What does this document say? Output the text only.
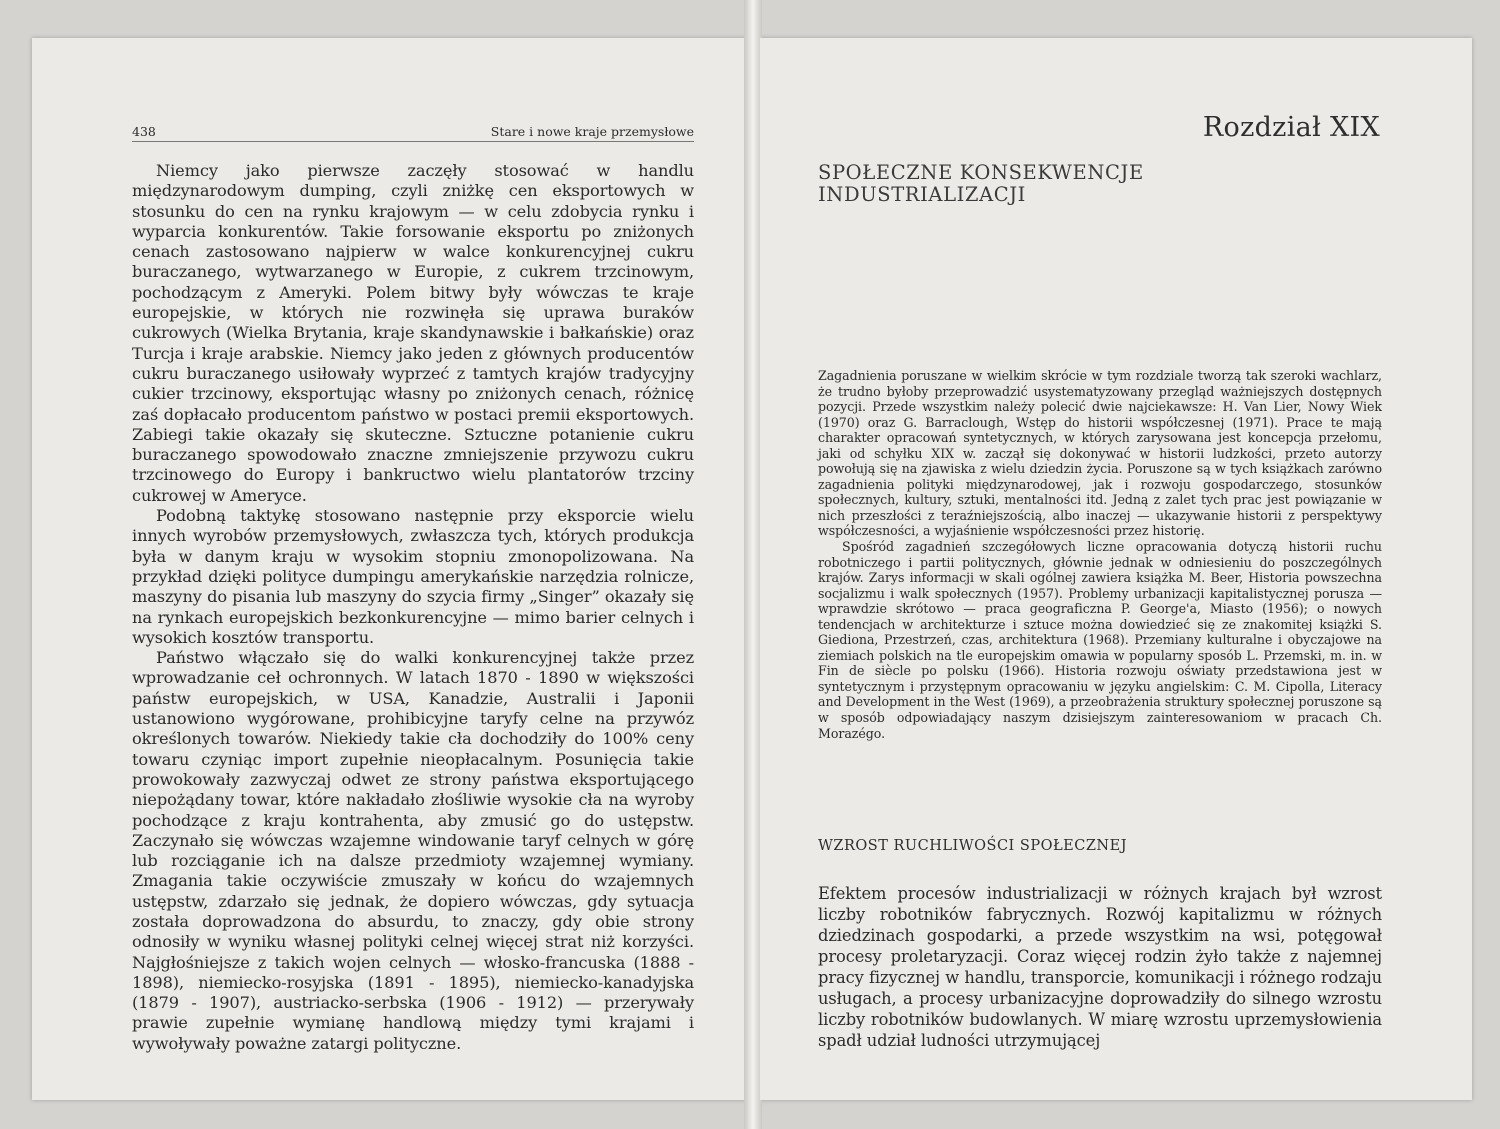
438	Stare i nowe kraje przemysłowe

Niemcy jako pierwsze zaczęły stosować w handlu międzynarodowym dumping, czyli zniżkę cen eksportowych w stosunku do cen na rynku krajowym — w celu zdobycia rynku i wyparcia konkurentów. Takie forsowanie eksportu po zniżonych cenach zastosowano najpierw w walce konkurencyjnej cukru buraczanego, wytwarzanego w Europie, z cukrem trzcinowym, pochodzącym z Ameryki. Polem bitwy były wówczas te kraje europejskie, w których nie rozwinęła się uprawa buraków cukrowych (Wielka Brytania, kraje skandynawskie i bałkańskie) oraz Turcja i kraje arabskie. Niemcy jako jeden z głównych producentów cukru buraczanego usiłowały wyprzeć z tamtych krajów tradycyjny cukier trzcinowy, eksportując własny po zniżonych cenach, różnicę zaś dopłacało producentom państwo w postaci premii eksportowych. Zabiegi takie okazały się skuteczne. Sztuczne potanienie cukru buraczanego spowodowało znaczne zmniejszenie przywozu cukru trzcinowego do Europy i bankructwo wielu plantatorów trzciny cukrowej w Ameryce.

Podobną taktykę stosowano następnie przy eksporcie wielu innych wyrobów przemysłowych, zwłaszcza tych, których produkcja była w danym kraju w wysokim stopniu zmonopolizowana. Na przykład dzięki polityce dumpingu amerykańskie narzędzia rolnicze, maszyny do pisania lub maszyny do szycia firmy „Singer” okazały się na rynkach europejskich bezkonkurencyjne — mimo barier celnych i wysokich kosztów transportu.

Państwo włączało się do walki konkurencyjnej także przez wprowadzanie ceł ochronnych. W latach 1870 - 1890 w większości państw europejskich, w USA, Kanadzie, Australii i Japonii ustanowiono wygórowane, prohibicyjne taryfy celne na przywóz określonych towarów. Niekiedy takie cła dochodziły do 100% ceny towaru czyniąc import zupełnie nieopłacalnym. Posunięcia takie prowokowały zazwyczaj odwet ze strony państwa eksportującego niepożądany towar, które nakładało złośliwie wysokie cła na wyroby pochodzące z kraju kontrahenta, aby zmusić go do ustępstw. Zaczynało się wówczas wzajemne windowanie taryf celnych w górę lub rozciąganie ich na dalsze przedmioty wzajemnej wymiany. Zmagania takie oczywiście zmuszały w końcu do wzajemnych ustępstw, zdarzało się jednak, że dopiero wówczas, gdy sytuacja została doprowadzona do absurdu, to znaczy, gdy obie strony odnosiły w wyniku własnej polityki celnej więcej strat niż korzyści. Najgłośniejsze z takich wojen celnych — włosko-francuska (1888 - 1898), niemiecko-rosyjska (1891 - 1895), niemiecko-kanadyjska (1879 - 1907), austriacko-serbska (1906 - 1912) — przerywały prawie zupełnie wymianę handlową między tymi krajami i wywoływały poważne zatargi polityczne.

Rozdział XIX
SPOŁECZNE KONSEKWENCJE
INDUSTRIALIZACJI

Zagadnienia poruszane w wielkim skrócie w tym rozdziale tworzą tak szeroki wachlarz, że trudno byłoby przeprowadzić usystematyzowany przegląd ważniejszych dostępnych pozycji. Przede wszystkim należy polecić dwie najciekawsze: H. Van Lier, Nowy Wiek (1970) oraz G. Barraclough, Wstęp do historii współczesnej (1971). Prace te mają charakter opracowań syntetycznych, w których zarysowana jest koncepcja przełomu, jaki od schyłku XIX w. zaczął się dokonywać w historii ludzkości, przeto autorzy powołują się na zjawiska z wielu dziedzin życia. Poruszone są w tych książkach zarówno zagadnienia polityki międzynarodowej, jak i rozwoju gospodarczego, stosunków społecznych, kultury, sztuki, mentalności itd. Jedną z zalet tych prac jest powiązanie w nich przeszłości z teraźniejszością, albo inaczej — ukazywanie historii z perspektywy współczesności, a wyjaśnienie współczesności przez historię.

Spośród zagadnień szczegółowych liczne opracowania dotyczą historii ruchu robotniczego i partii politycznych, głównie jednak w odniesieniu do poszczególnych krajów. Zarys informacji w skali ogólnej zawiera książka M. Beer, Historia powszechna socjalizmu i walk społecznych (1957). Problemy urbanizacji kapitalistycznej porusza — wprawdzie skrótowo — praca geograficzna P. George'a, Miasto (1956); o nowych tendencjach w architekturze i sztuce można dowiedzieć się ze znakomitej książki S. Giediona, Przestrzeń, czas, architektura (1968). Przemiany kulturalne i obyczajowe na ziemiach polskich na tle europejskim omawia w popularny sposób L. Przemski, m. in. w Fin de siècle po polsku (1966). Historia rozwoju oświaty przedstawiona jest w syntetycznym i przystępnym opracowaniu w języku angielskim: C. M. Cipolla, Literacy and Development in the West (1969), a przeobrażenia struktury społecznej poruszone są w sposób odpowiadający naszym dzisiejszym zainteresowaniom w pracach Ch. Morazégo.

WZROST RUCHLIWOŚCI SPOŁECZNEJ

Efektem procesów industrializacji w różnych krajach był wzrost liczby robotników fabrycznych. Rozwój kapitalizmu w różnych dziedzinach gospodarki, a przede wszystkim na wsi, potęgował procesy proletaryzacji. Coraz więcej rodzin żyło także z najemnej pracy fizycznej w handlu, transporcie, komunikacji i różnego rodzaju usługach, a procesy urbanizacyjne doprowadziły do silnego wzrostu liczby robotników budowlanych. W miarę wzrostu uprzemysłowienia spadł udział ludności utrzymującej
